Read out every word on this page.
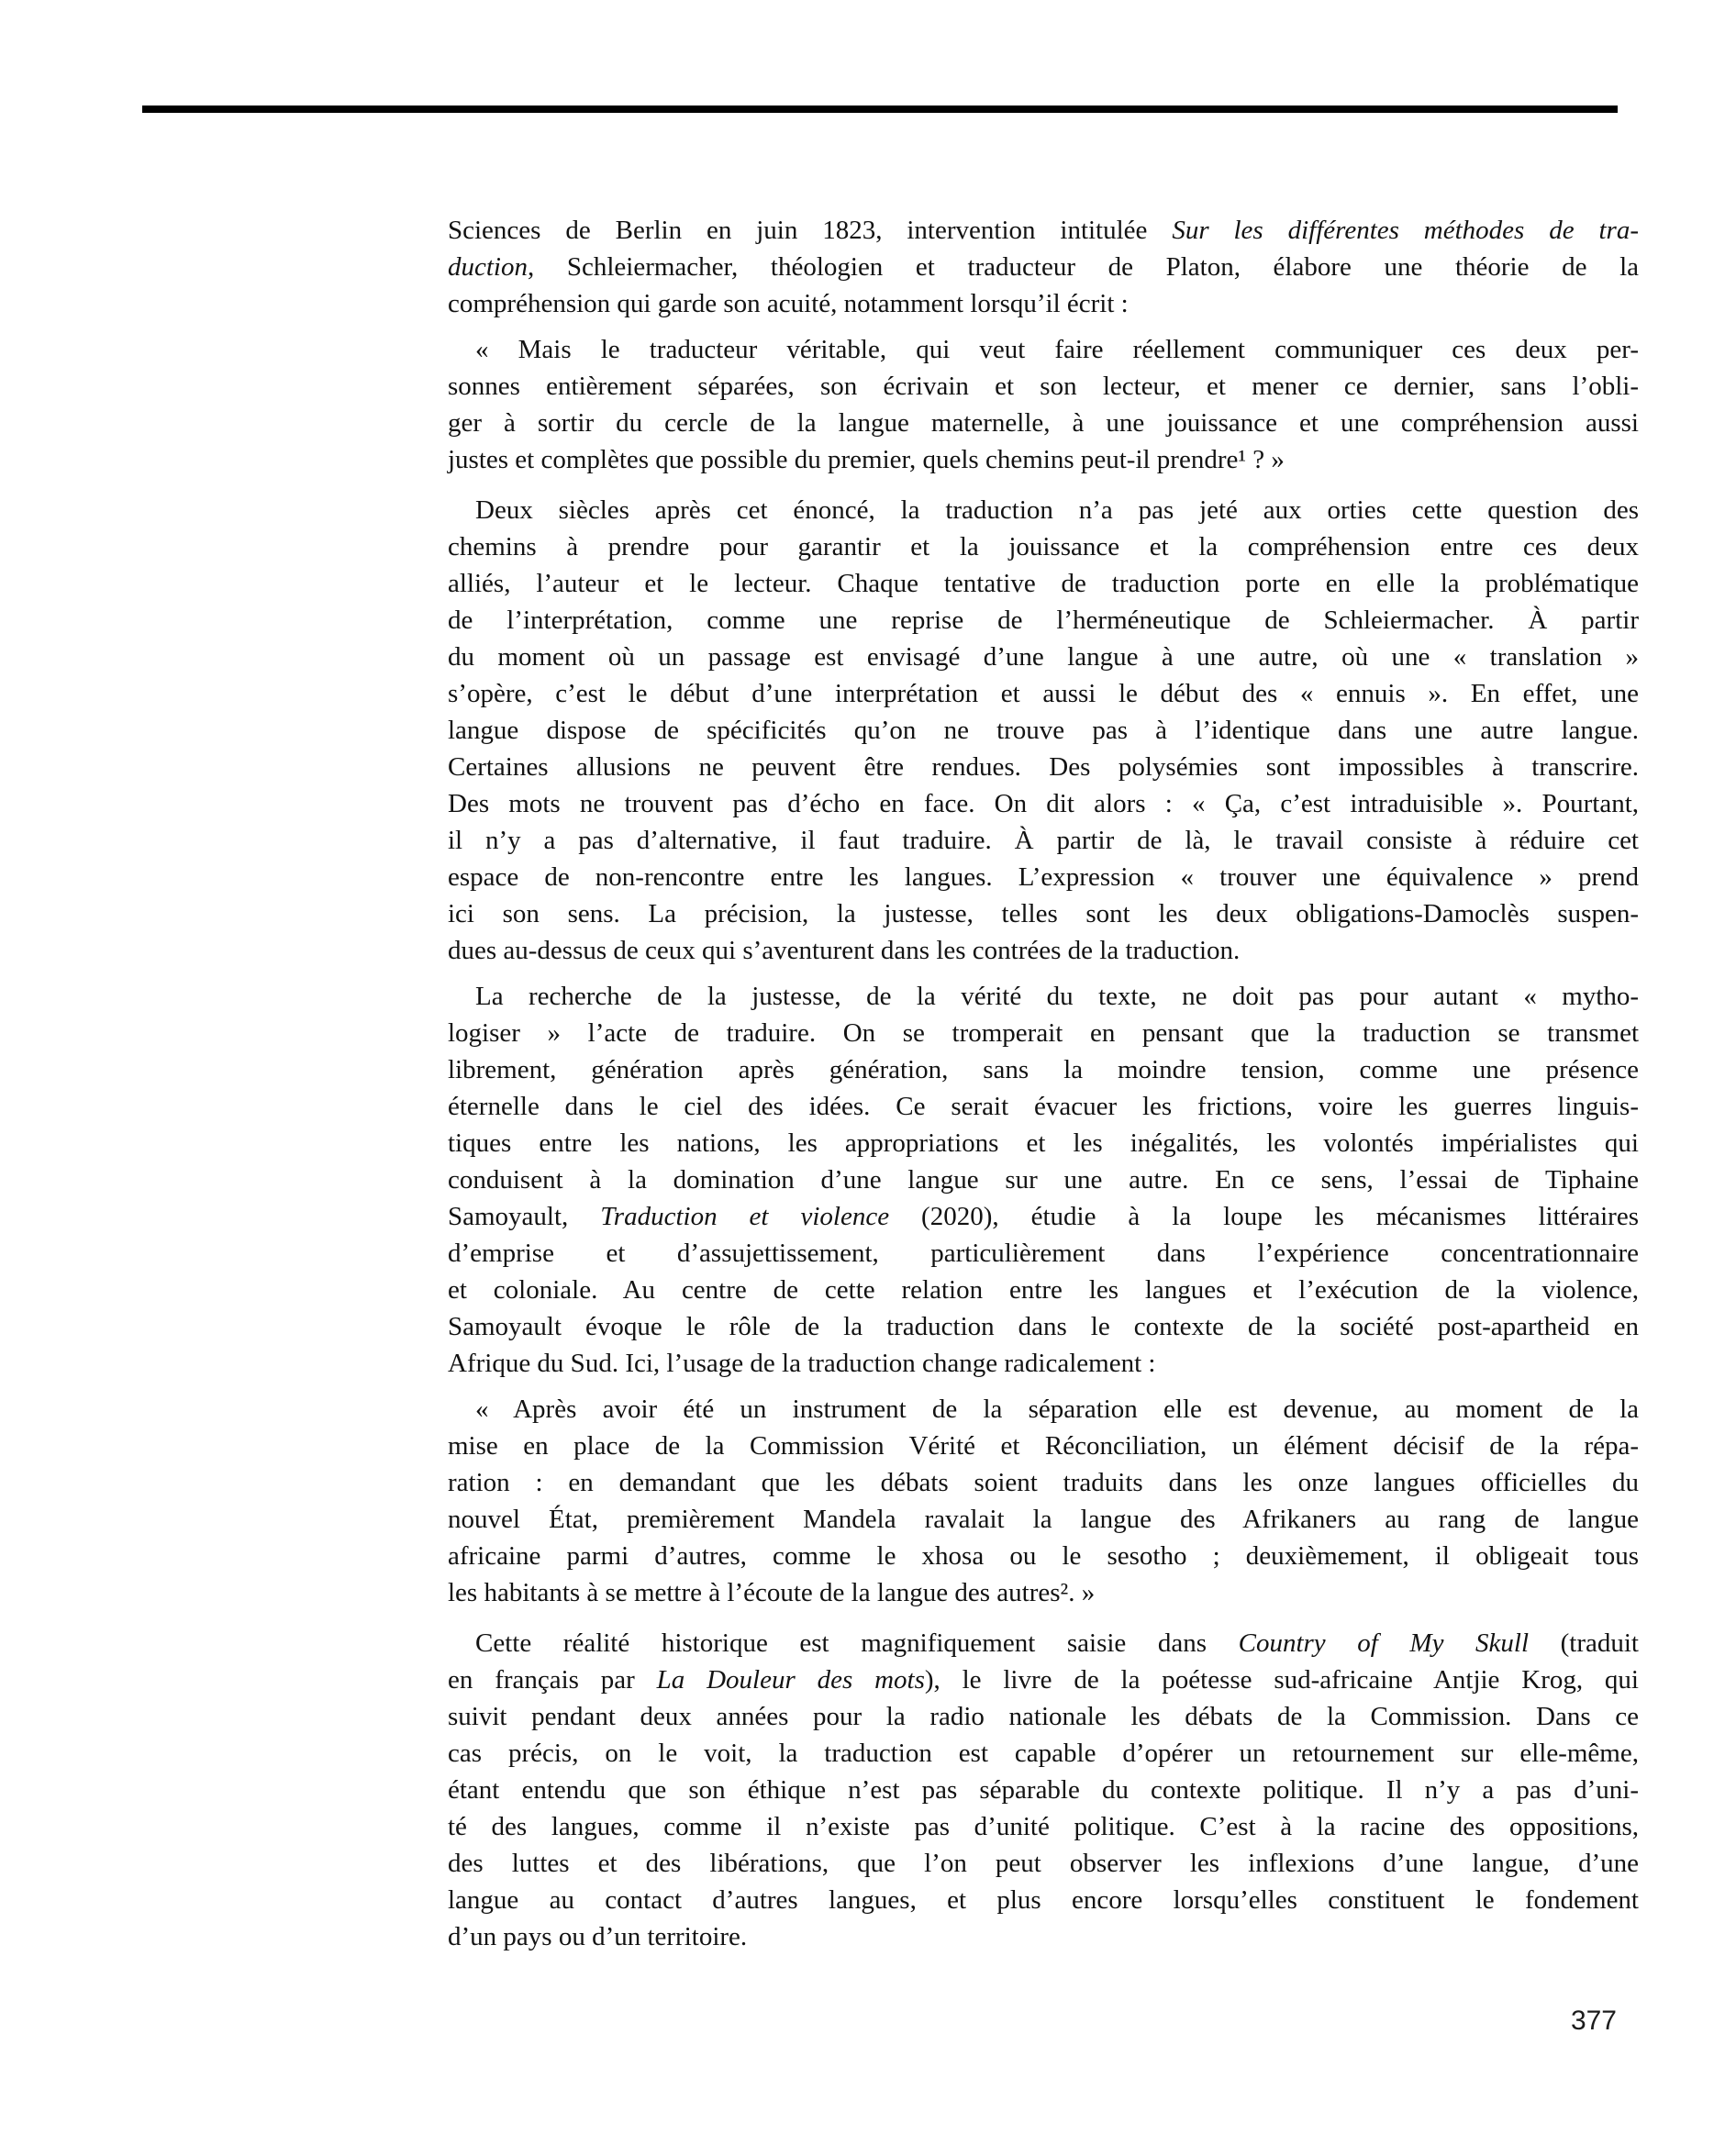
Sciences de Berlin en juin 1823, intervention intitulée Sur les différentes méthodes de tra-
duction, Schleiermacher, théologien et traducteur de Platon, élabore une théorie de la
compréhension qui garde son acuité, notamment lorsqu’il écrit :
« Mais le traducteur véritable, qui veut faire réellement communiquer ces deux per-
sonnes entièrement séparées, son écrivain et son lecteur, et mener ce dernier, sans l’obli-
ger à sortir du cercle de la langue maternelle, à une jouissance et une compréhension aussi
justes et complètes que possible du premier, quels chemins peut-il prendre¹ ? »
Deux siècles après cet énoncé, la traduction n’a pas jeté aux orties cette question des
chemins à prendre pour garantir et la jouissance et la compréhension entre ces deux
alliés, l’auteur et le lecteur. Chaque tentative de traduction porte en elle la problématique
de l’interprétation, comme une reprise de l’herméneutique de Schleiermacher. À partir
du moment où un passage est envisagé d’une langue à une autre, où une « translation »
s’opère, c’est le début d’une interprétation et aussi le début des « ennuis ». En effet, une
langue dispose de spécificités qu’on ne trouve pas à l’identique dans une autre langue.
Certaines allusions ne peuvent être rendues. Des polysémies sont impossibles à transcrire.
Des mots ne trouvent pas d’écho en face. On dit alors : « Ça, c’est intraduisible ». Pourtant,
il n’y a pas d’alternative, il faut traduire. À partir de là, le travail consiste à réduire cet
espace de non-rencontre entre les langues. L’expression « trouver une équivalence » prend
ici son sens. La précision, la justesse, telles sont les deux obligations-Damoclès suspen-
dues au-dessus de ceux qui s’aventurent dans les contrées de la traduction.
La recherche de la justesse, de la vérité du texte, ne doit pas pour autant « mytho-
logiser » l’acte de traduire. On se tromperait en pensant que la traduction se transmet
librement, génération après génération, sans la moindre tension, comme une présence
éternelle dans le ciel des idées. Ce serait évacuer les frictions, voire les guerres linguis-
tiques entre les nations, les appropriations et les inégalités, les volontés impérialistes qui
conduisent à la domination d’une langue sur une autre. En ce sens, l’essai de Tiphaine
Samoyault, Traduction et violence (2020), étudie à la loupe les mécanismes littéraires
d’emprise et d’assujettissement, particulièrement dans l’expérience concentrationnaire
et coloniale. Au centre de cette relation entre les langues et l’exécution de la violence,
Samoyault évoque le rôle de la traduction dans le contexte de la société post-apartheid en
Afrique du Sud. Ici, l’usage de la traduction change radicalement :
« Après avoir été un instrument de la séparation elle est devenue, au moment de la
mise en place de la Commission Vérité et Réconciliation, un élément décisif de la répa-
ration : en demandant que les débats soient traduits dans les onze langues officielles du
nouvel État, premièrement Mandela ravalait la langue des Afrikaners au rang de langue
africaine parmi d’autres, comme le xhosa ou le sesotho ; deuxièmement, il obligeait tous
les habitants à se mettre à l’écoute de la langue des autres². »
Cette réalité historique est magnifiquement saisie dans Country of My Skull (traduit
en français par La Douleur des mots), le livre de la poétesse sud-africaine Antjie Krog, qui
suivit pendant deux années pour la radio nationale les débats de la Commission. Dans ce
cas précis, on le voit, la traduction est capable d’opérer un retournement sur elle-même,
étant entendu que son éthique n’est pas séparable du contexte politique. Il n’y a pas d’uni-
té des langues, comme il n’existe pas d’unité politique. C’est à la racine des oppositions,
des luttes et des libérations, que l’on peut observer les inflexions d’une langue, d’une
langue au contact d’autres langues, et plus encore lorsqu’elles constituent le fondement
d’un pays ou d’un territoire.
377
